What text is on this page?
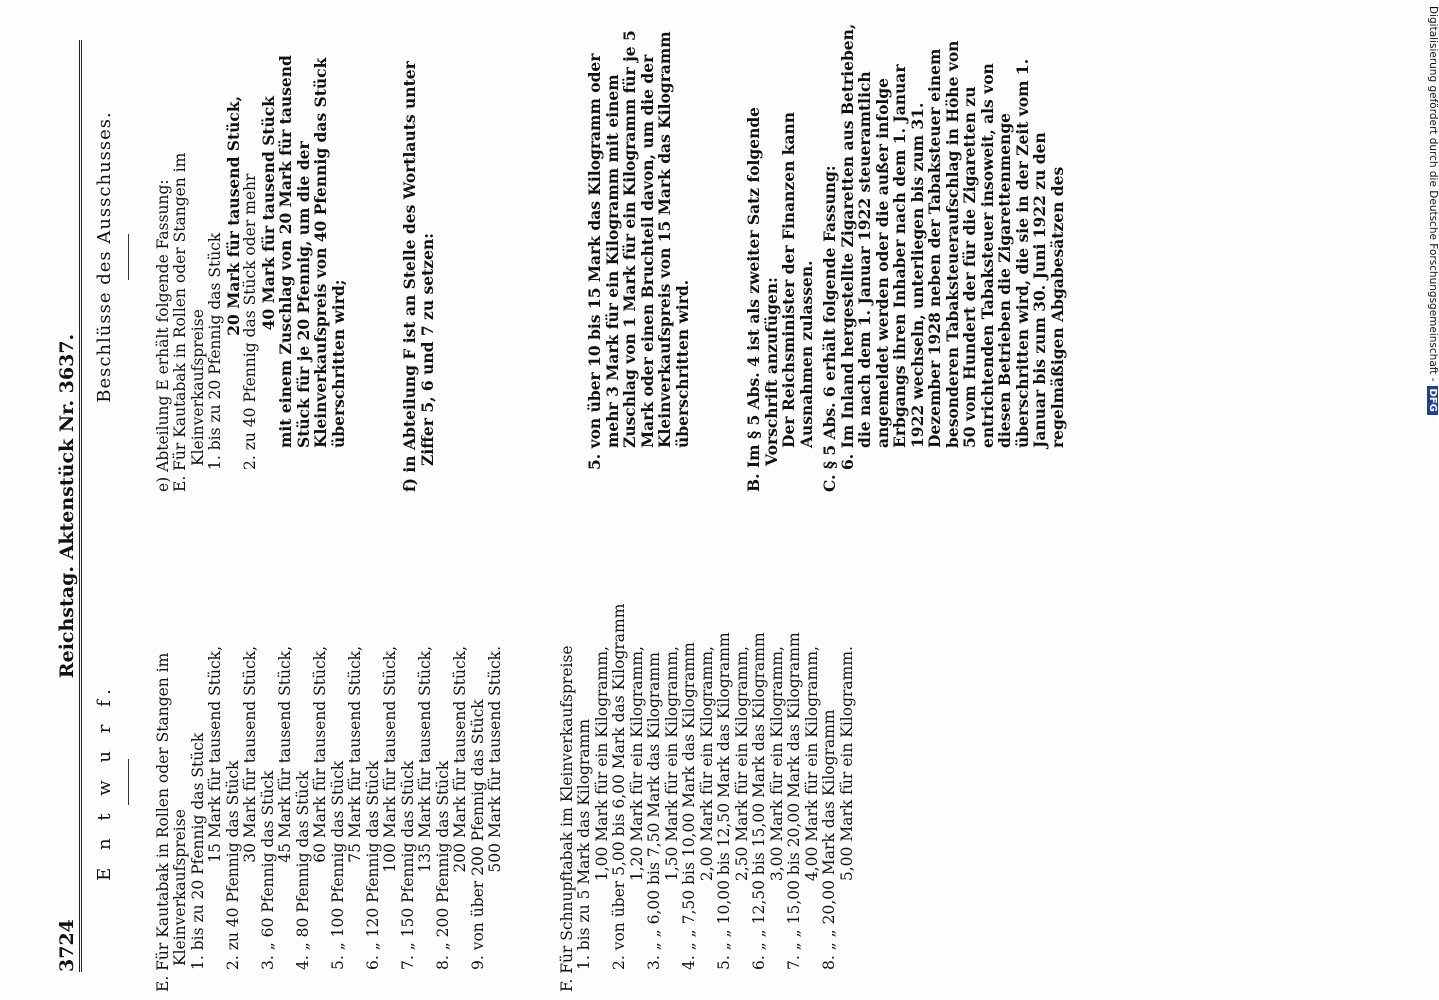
3724
Reichstag. Aktenstück Nr. 3637.
E n t w u r f. E. Für Kautabak in Rollen oder Stangen im Kleinverkaufspreise 1. bis zu 20 Pfennig das Stück 15 Mark für tausend Stück,
2. zu 40 Pfennig das Stück
30 Mark für tausend Stück,
3. „ 60 Pfennig das Stück
45 Mark für tausend Stück,
4. „ 80 Pfennig das Stück
60 Mark für tausend Stück,
5. „ 100 Pfennig das Stück
75 Mark für tausend Stück,
6. „ 120 Pfennig das Stück 100 Mark für tausend Stück, 7. „ 150 Pfennig das Stück 135 Mark für tausend Stück, 8. „ 200 Pfennig das Stück 200 Mark für tausend Stück, 9. von über 200 Pfennig das Stück 500 Mark für tausend Stück.	F. Für Schnupftabak im Kleinverkaufspreise 1. bis zu 5 Mark das Kilogramm 1,00 Mark für ein Kilogramm, 2. von über 5,00 bis 6,00 Mark das Kilogramm 1,20 Mark für ein Kilogramm, 3. „ „ 6,00 bis 7,50 Mark das Kilogramm 1,50 Mark für ein Kilogramm, 4. „ „ 7,50 bis 10,00 Mark das Kilogramm 2,00 Mark für ein Kilogramm, 5. „ „ 10,00 bis 12,50 Mark das Kilogramm 2,50 Mark für ein Kilogramm, 6. „ „ 12,50 bis 15,00 Mark das Kilogramm 3,00 Mark für ein Kilogramm, 7. „ „ 15,00 bis 20,00 Mark das Kilogramm 4,00 Mark für ein Kilogramm, 8. „ „ 20,00 Mark das Kilogramm 5,00 Mark für ein Kilogramm.
Beschlüsse des Ausschusses. e) Abteilung E erhält folgende Fassung: E. Für Kautabak in Rollen oder Stangen im Kleinverkaufspreise 1. bis zu 20 Pfennig das Stück
20 Mark für tausend Stück,
2. zu 40 Pfennig das Stück oder mehr 40 Mark für tausend Stück
mit einem Zuschlag von 20 Mark für tausend Stück für je 20 Pfennig, um die der Kleinverkaufspreis von 40 Pfennig das Stück überschritten wird;	f) in Abteilung F ist an Stelle des Wortlauts unter Ziffer 5, 6 und 7 zu setzen:	5. von über 10 bis 15 Mark das Kilogramm oder mehr 3 Mark für ein Kilogramm mit einem Zuschlag von 1 Mark für ein Kilogramm für je 5 Mark oder einen Bruchteil davon, um die der Kleinverkaufspreis von 15 Mark das Kilogramm überschritten wird.	B. Im § 5 Abs. 4 ist als zweiter Satz folgende Vorschrift anzufügen:
Der Reichsminister der Finanzen kann Ausnahmen zulassen. C. § 5 Abs. 6 erhält folgende Fassung:
6. Im Inland hergestellte Zigaretten aus Betrieben, die nach dem 1. Januar 1922 steueramtlich angemeldet werden oder die außer infolge Erbgangs ihren Inhaber nach dem 1. Januar 1922 wechseln, unterliegen bis zum 31. Dezember 1928 neben der Tabaksteuer einem besonderen Tabaksteueraufschlag in Höhe von 50 vom Hundert der für die Zigaretten zu entrichtenden Tabaksteuer insoweit, als von diesen Betrieben die Zigarettenmenge überschritten wird, die sie in der Zeit vom 1. Januar bis zum 30. Juni 1922 zu den regelmäßigen Abgabesätzen des	Digitalisierung gefördert durch die Deutsche Forschungsgemeinschaft -DFG
